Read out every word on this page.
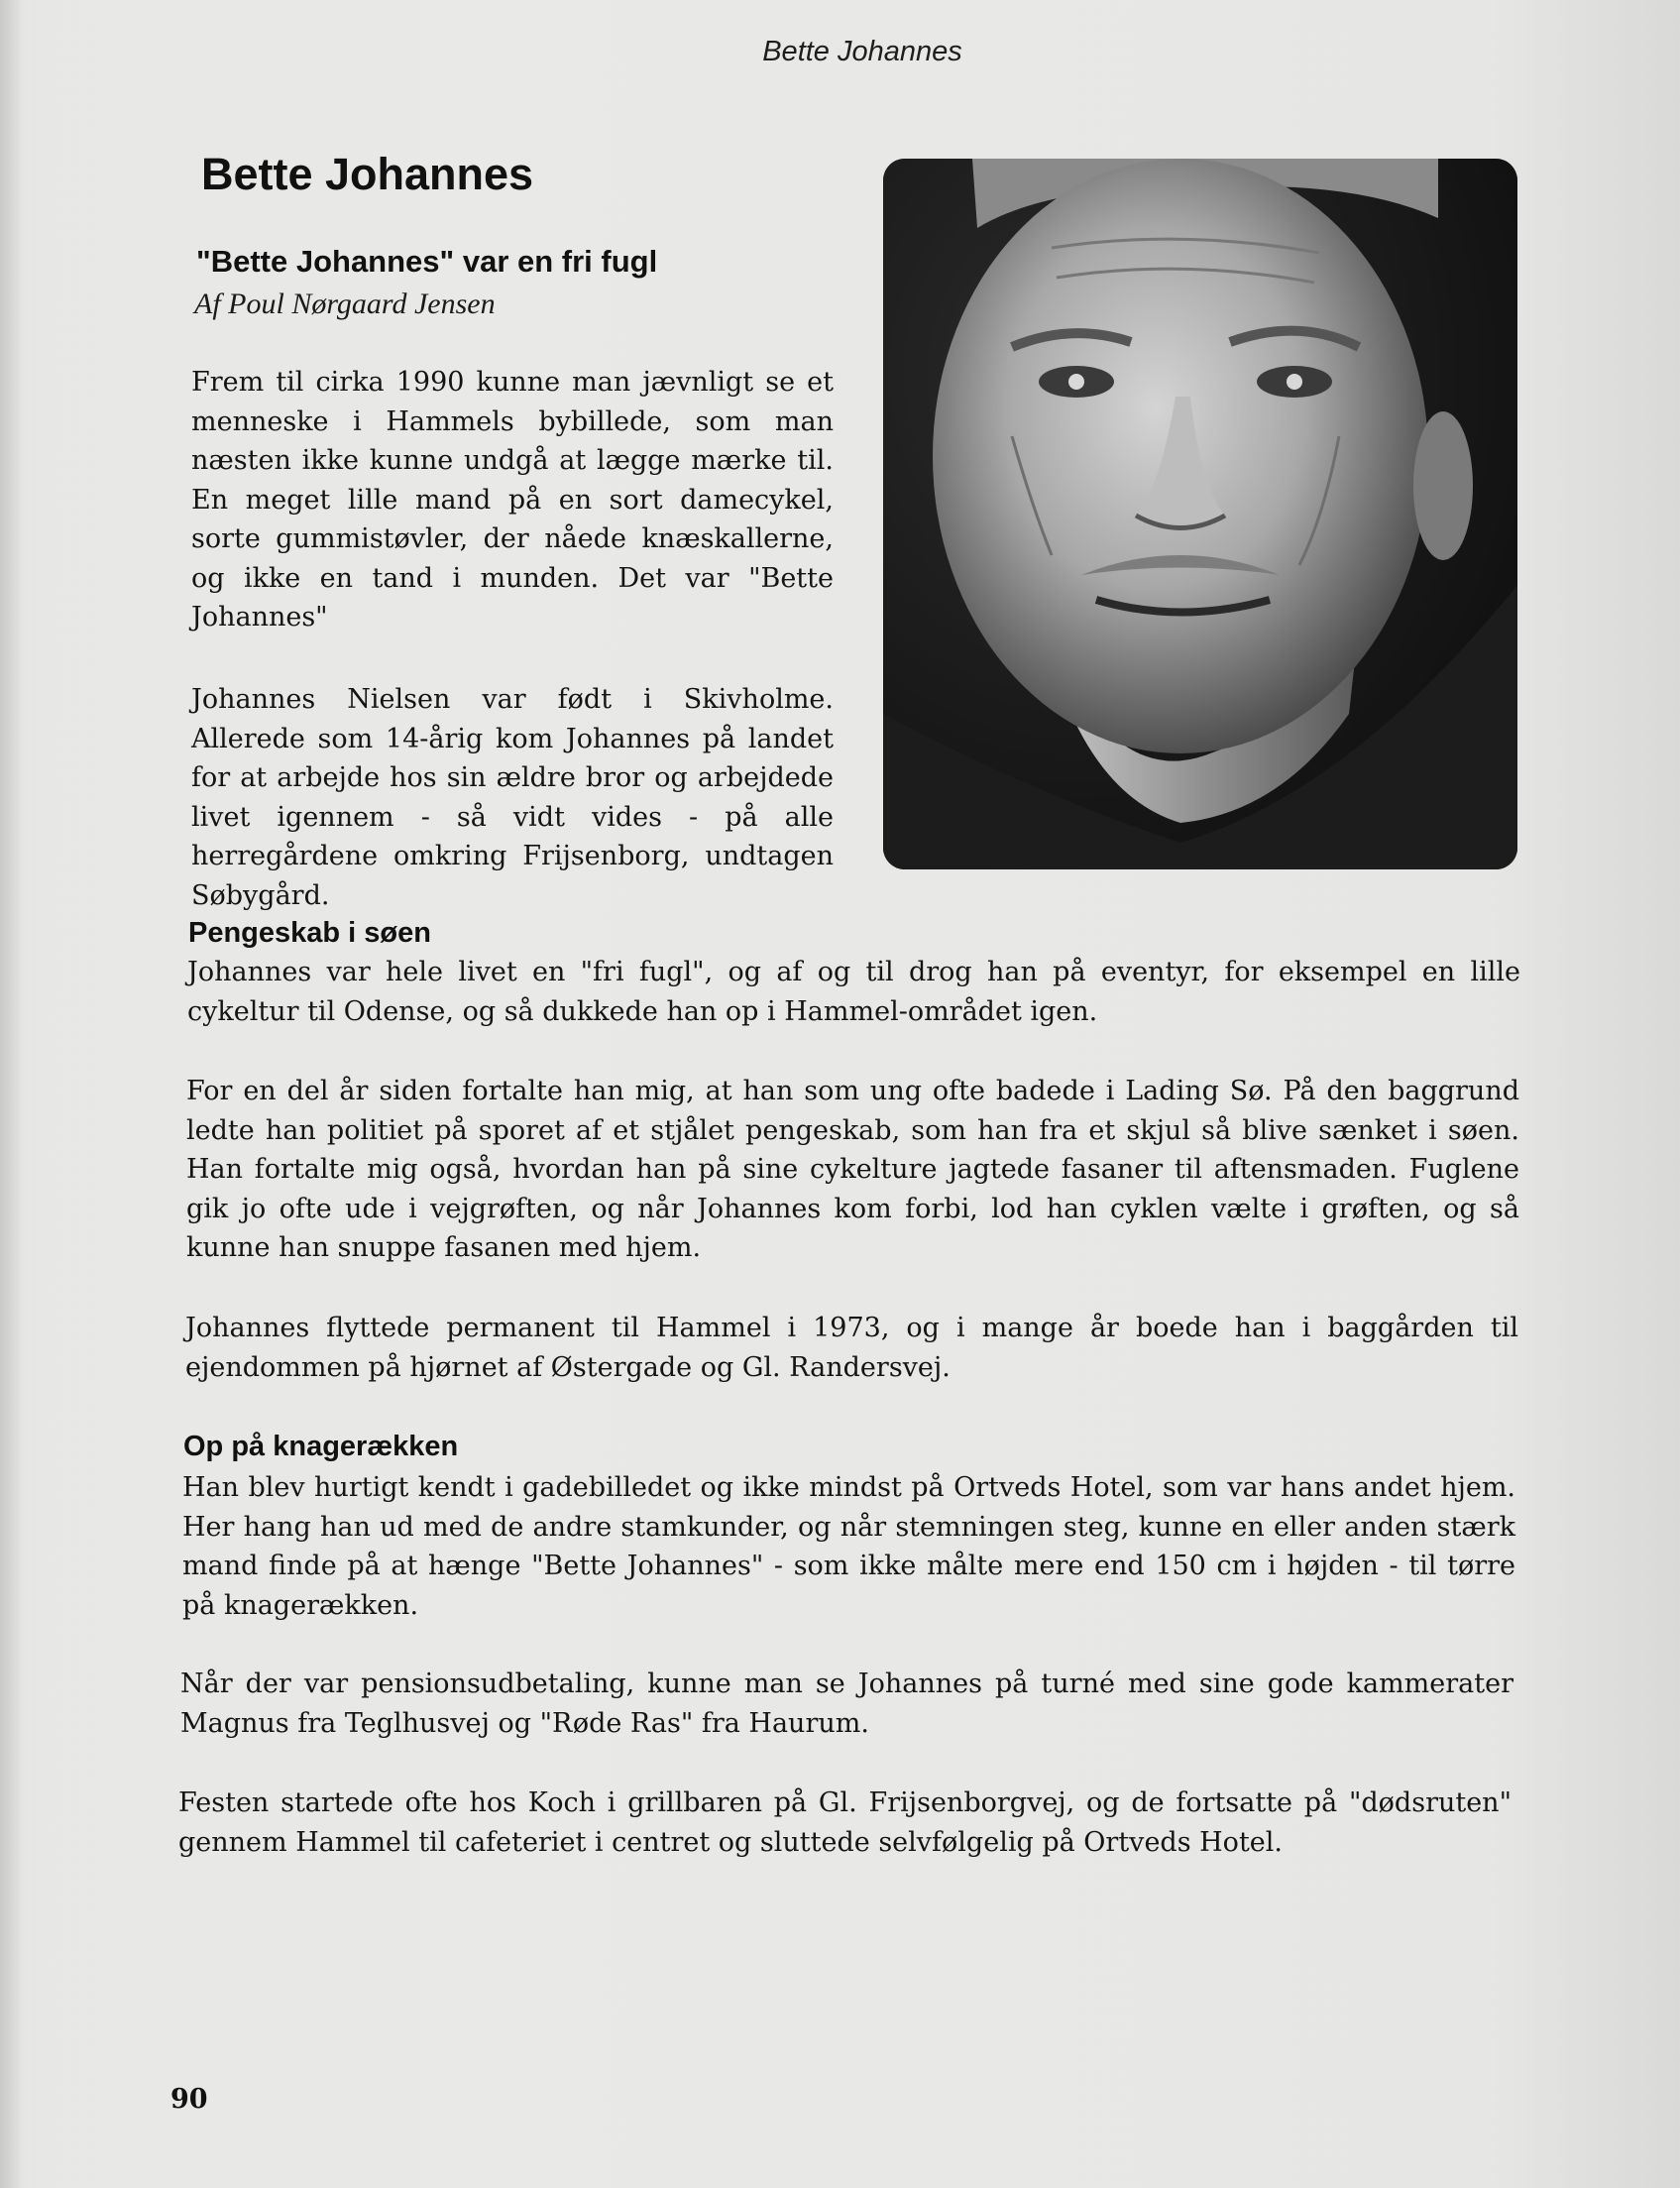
Bette Johannes
Bette Johannes
"Bette Johannes" var en fri fugl

Af Poul Nørgaard Jensen

Frem til cirka 1990 kunne man jævnligt se et menneske i Hammels bybillede, som man næsten ikke kunne undgå at lægge mærke til. En meget lille mand på en sort damecykel, sorte gummistøvler, der nåede knæskallerne, og ikke en tand i munden. Det var "Bette Johannes"

Johannes Nielsen var født i Skivholme. Allerede som 14-årig kom Johannes på landet for at arbejde hos sin ældre bror og arbejdede livet igennem - så vidt vides - på alle herregårdene omkring Frijsenborg, undtagen Søbygård.

Pengeskab i søen

Johannes var hele livet en "fri fugl", og af og til drog han på eventyr, for eksempel en lille cykeltur til Odense, og så dukkede han op i Hammel-området igen.

For en del år siden fortalte han mig, at han som ung ofte badede i Lading Sø. På den baggrund ledte han politiet på sporet af et stjålet pengeskab, som han fra et skjul så blive sænket i søen. Han fortalte mig også, hvordan han på sine cykelture jagtede fasaner til aftensmaden. Fuglene gik jo ofte ude i vejgrøften, og når Johannes kom forbi, lod han cyklen vælte i grøften, og så kunne han snuppe fasanen med hjem.

Johannes flyttede permanent til Hammel i 1973, og i mange år boede han i baggården til ejendommen på hjørnet af Østergade og Gl. Randersvej.

Op på knagerækken

Han blev hurtigt kendt i gadebilledet og ikke mindst på Ortveds Hotel, som var hans andet hjem. Her hang han ud med de andre stamkunder, og når stemningen steg, kunne en eller anden stærk mand finde på at hænge "Bette Johannes" - som ikke målte mere end 150 cm i højden - til tørre på knagerækken.

Når der var pensionsudbetaling, kunne man se Johannes på turné med sine gode kammerater Magnus fra Teglhusvej og "Røde Ras" fra Haurum.

Festen startede ofte hos Koch i grillbaren på Gl. Frijsenborgvej, og de fortsatte på "dødsruten" gennem Hammel til cafeteriet i centret og sluttede selvfølgelig på Ortveds Hotel.

90
